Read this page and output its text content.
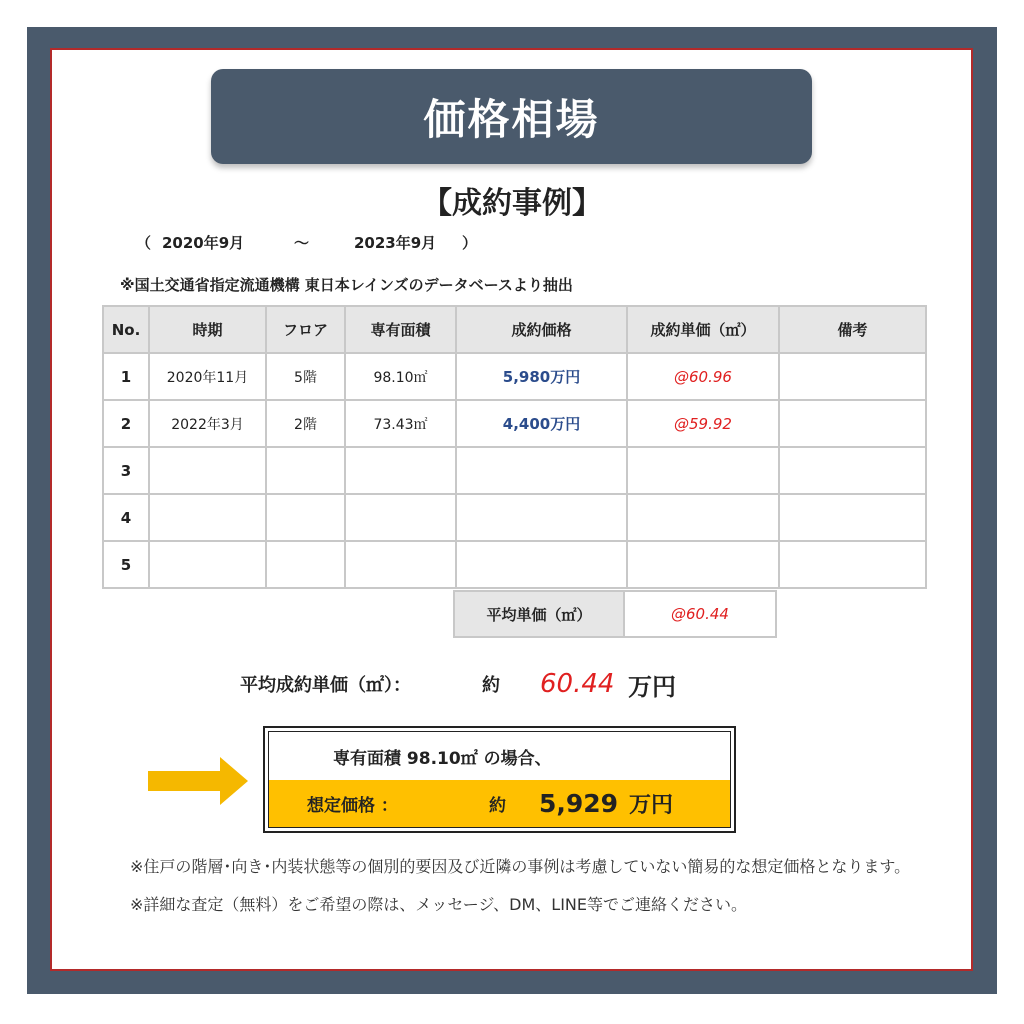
価格相場
【成約事例】
（ 2020年9月	～	2023年9月	）
※国土交通省指定流通機構 東日本レインズのデータベースより抽出
No.	時期	フロア	専有面積	成約価格	成約単価（㎡）	備考
1	2020年11月	5階	98.10㎡	5,980万円	@60.96	
2	2022年3月	2階	73.43㎡	4,400万円	@59.92	
3						
4						
5						
平均単価（㎡）	@60.44
平均成約単価（㎡）：	約	60.44 万円
専有面積 98.10㎡ の場合、
想定価格 ：	約	5,929 万円

※住戸の階層･向き･内装状態等の個別的要因及び近隣の事例は考慮していない簡易的な想定価格となります。

※詳細な査定（無料）をご希望の際は、メッセージ、DM、LINE等でご連絡ください。
